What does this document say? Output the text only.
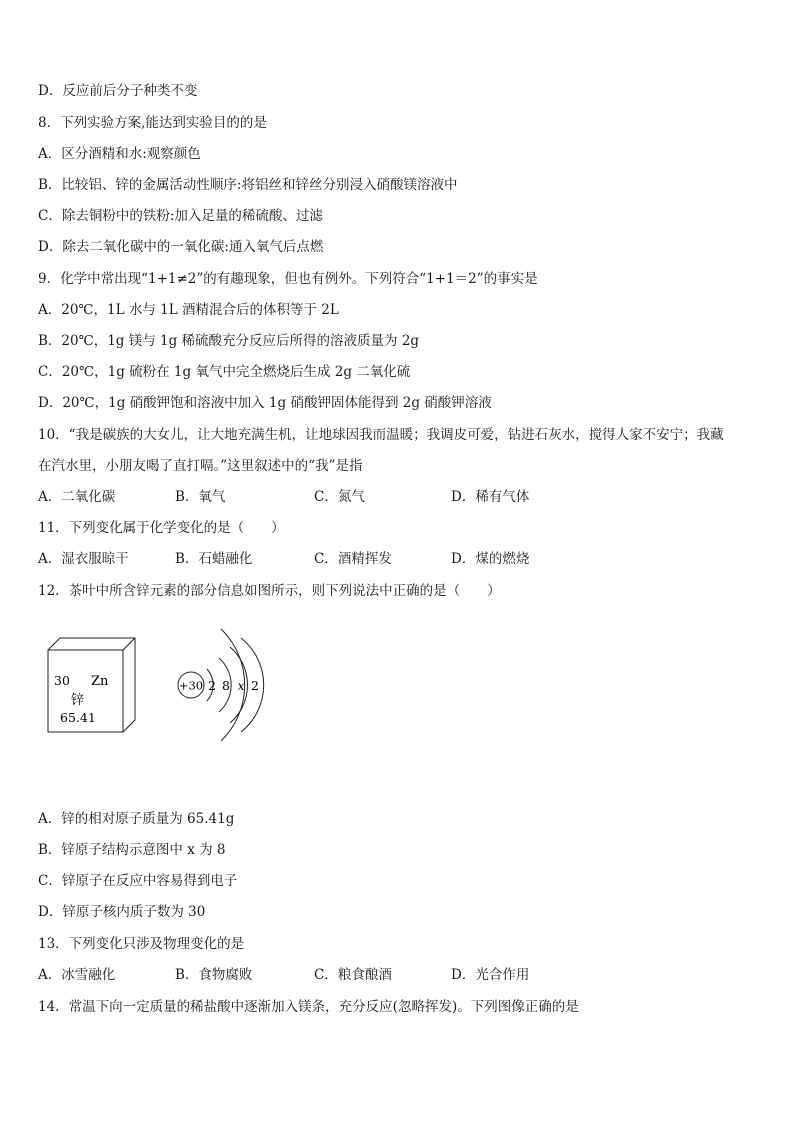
D．反应前后分子种类不变
8．下列实验方案,能达到实验目的的是
A．区分酒精和水:观察颜色
B．比较铝、锌的金属活动性顺序:将铝丝和锌丝分别浸入硝酸镁溶液中
C．除去铜粉中的铁粉:加入足量的稀硫酸、过滤
D．除去二氧化碳中的一氧化碳:通入氧气后点燃
9．化学中常出现“1+1≠2”的有趣现象，但也有例外。下列符合“1+1＝2”的事实是
A．20℃，1L 水与 1L 酒精混合后的体积等于 2L
B．20℃，1g 镁与 1g 稀硫酸充分反应后所得的溶液质量为 2g
C．20℃，1g 硫粉在 1g 氧气中完全燃烧后生成 2g 二氧化硫
D．20℃，1g 硝酸钾饱和溶液中加入 1g 硝酸钾固体能得到 2g 硝酸钾溶液
10．“我是碳族的大女儿，让大地充满生机，让地球因我而温暖；我调皮可爱，钻进石灰水，搅得人家不安宁；我藏
在汽水里，小朋友喝了直打嗝。”这里叙述中的“我”是指
A．二氧化碳	B．氧气	C．氮气	D．稀有气体
11．下列变化属于化学变化的是（　　）
A．湿衣服晾干	B．石蜡融化	C．酒精挥发	D．煤的燃烧
12．茶叶中所含锌元素的部分信息如图所示，则下列说法中正确的是（　　）
30 Zn
锌
65.41
+30 2 8 x 2
A．锌的相对原子质量为 65.41g
B．锌原子结构示意图中 x 为 8
C．锌原子在反应中容易得到电子
D．锌原子核内质子数为 30
13．下列变化只涉及物理变化的是
A．冰雪融化	B．食物腐败	C．粮食酿酒	D．光合作用
14．常温下向一定质量的稀盐酸中逐渐加入镁条，充分反应(忽略挥发)。下列图像正确的是
